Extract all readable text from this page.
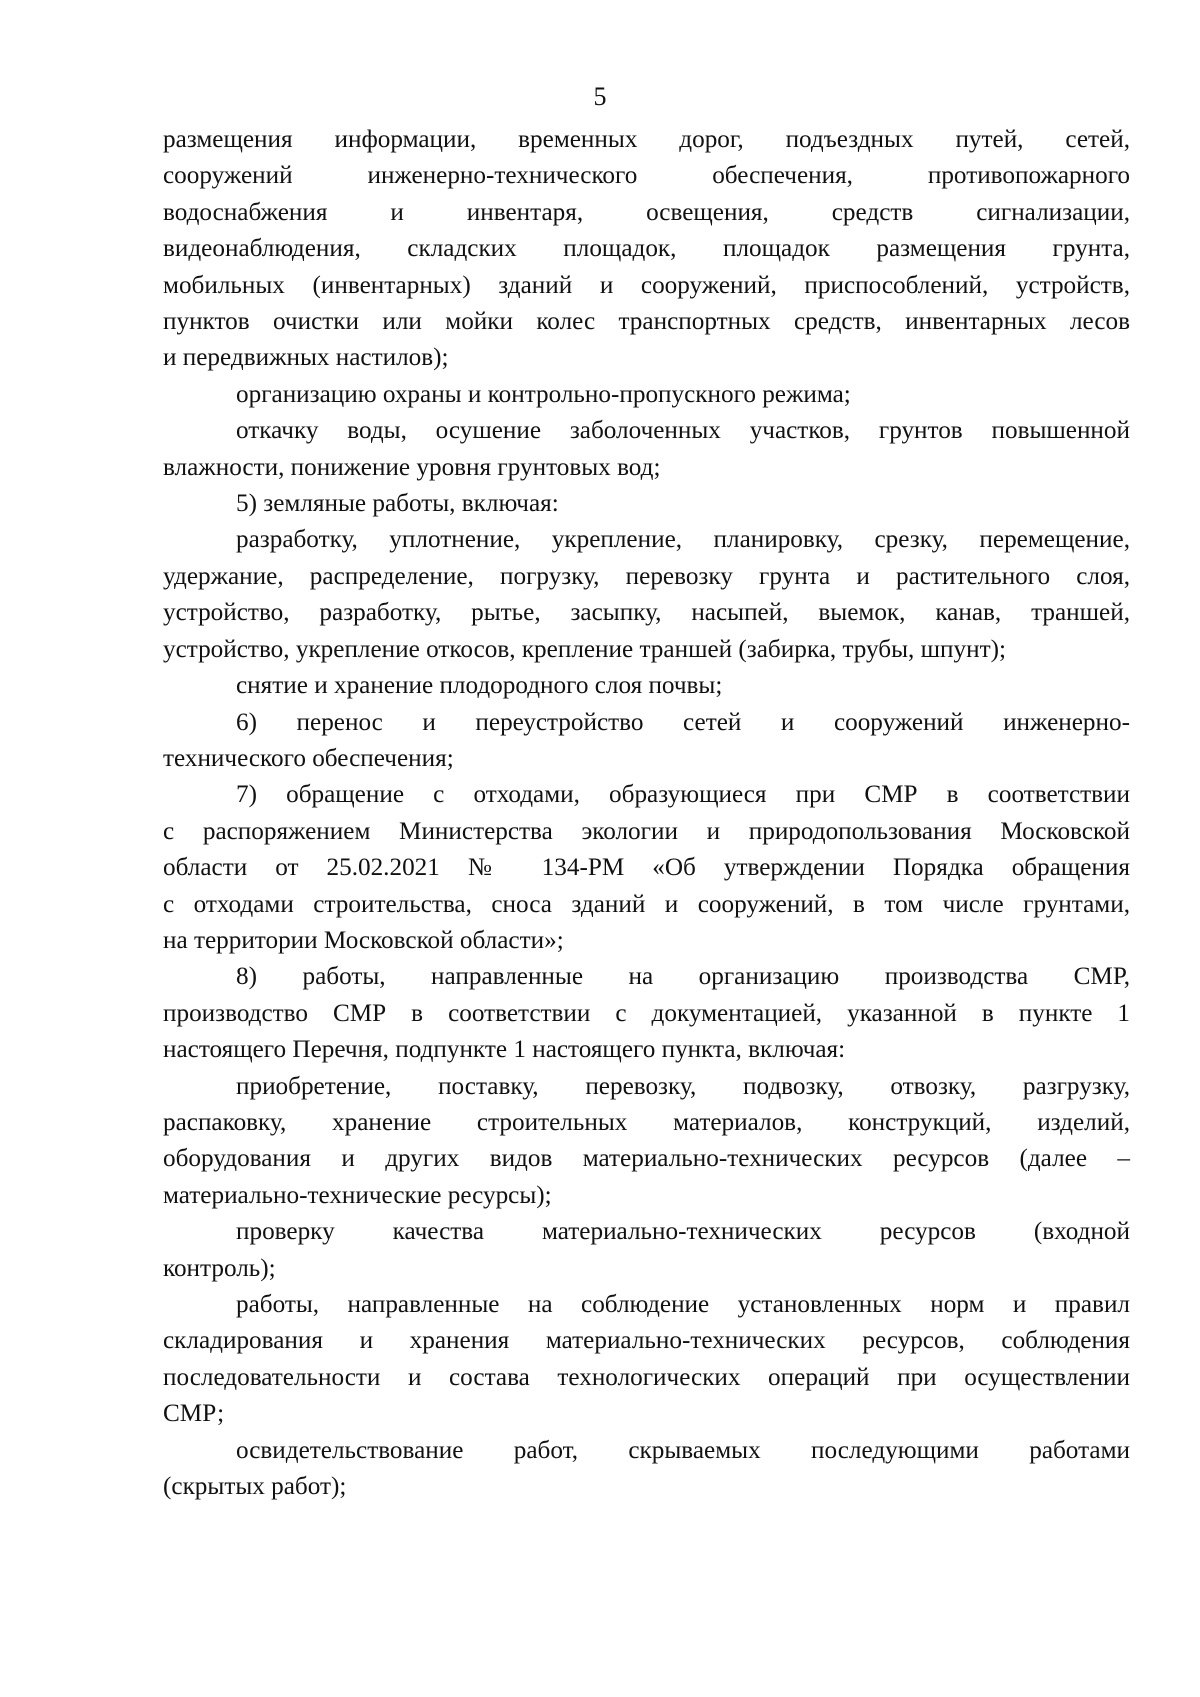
5
размещения информации, временных дорог, подъездных путей, сетей,
сооружений инженерно-технического обеспечения, противопожарного
водоснабжения и инвентаря, освещения, средств сигнализации,
видеонаблюдения, складских площадок, площадок размещения грунта,
мобильных (инвентарных) зданий и сооружений, приспособлений, устройств,
пунктов очистки или мойки колес транспортных средств, инвентарных лесов
и передвижных настилов);
организацию охраны и контрольно-пропускного режима;
откачку воды, осушение заболоченных участков, грунтов повышенной
влажности, понижение уровня грунтовых вод;
5) земляные работы, включая:
разработку, уплотнение, укрепление, планировку, срезку, перемещение,
удержание, распределение, погрузку, перевозку грунта и растительного слоя,
устройство, разработку, рытье, засыпку, насыпей, выемок, канав, траншей,
устройство, укрепление откосов, крепление траншей (забирка, трубы, шпунт);
снятие и хранение плодородного слоя почвы;
6) перенос и переустройство сетей и сооружений инженерно-
технического обеспечения;
7) обращение с отходами, образующиеся при СМР в соответствии
с распоряжением Министерства экологии и природопользования Московской
области от 25.02.2021 № 134-РМ «Об утверждении Порядка обращения
с отходами строительства, сноса зданий и сооружений, в том числе грунтами,
на территории Московской области»;
8) работы, направленные на организацию производства СМР,
производство СМР в соответствии с документацией, указанной в пункте 1
настоящего Перечня, подпункте 1 настоящего пункта, включая:
приобретение, поставку, перевозку, подвозку, отвозку, разгрузку,
распаковку, хранение строительных материалов, конструкций, изделий,
оборудования и других видов материально-технических ресурсов (далее –
материально-технические ресурсы);
проверку качества материально-технических ресурсов (входной
контроль);
работы, направленные на соблюдение установленных норм и правил
складирования и хранения материально-технических ресурсов, соблюдения
последовательности и состава технологических операций при осуществлении
СМР;
освидетельствование работ, скрываемых последующими работами
(скрытых работ);
